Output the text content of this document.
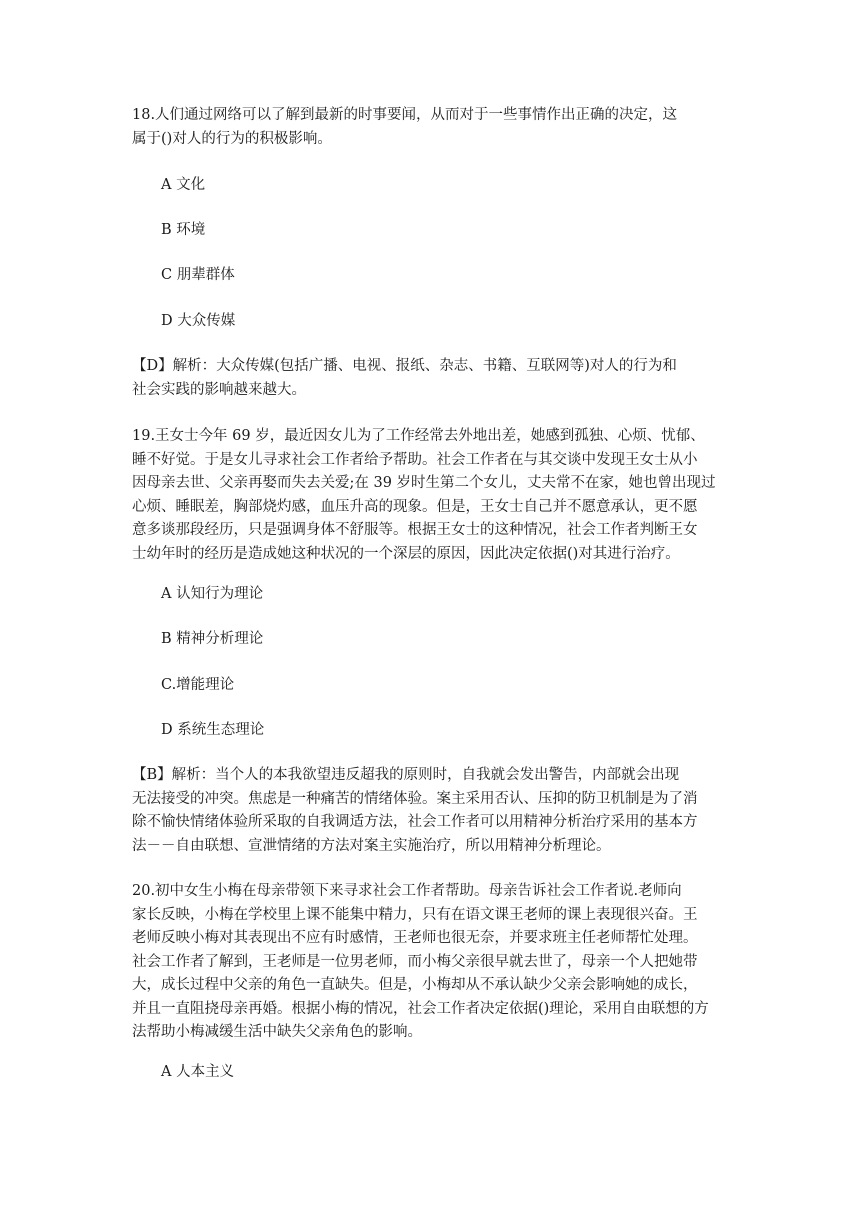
18.人们通过网络可以了解到最新的时事要闻，从而对于一些事情作出正确的决定，这
属于()对人的行为的积极影响。
A 文化
B 环境
C 朋辈群体
D 大众传媒
【D】解析：大众传媒(包括广播、电视、报纸、杂志、书籍、互联网等)对人的行为和
社会实践的影响越来越大。
19.王女士今年 69 岁，最近因女儿为了工作经常去外地出差，她感到孤独、心烦、忧郁、
睡不好觉。于是女儿寻求社会工作者给予帮助。社会工作者在与其交谈中发现王女士从小
因母亲去世、父亲再娶而失去关爱;在 39 岁时生第二个女儿，丈夫常不在家，她也曾出现过
心烦、睡眠差，胸部烧灼感，血压升高的现象。但是，王女士自己并不愿意承认，更不愿
意多谈那段经历，只是强调身体不舒服等。根据王女士的这种情况，社会工作者判断王女
士幼年时的经历是造成她这种状况的一个深层的原因，因此决定依据()对其进行治疗。
A 认知行为理论
B 精神分析理论
C.增能理论
D 系统生态理论
【B】解析：当个人的本我欲望违反超我的原则时，自我就会发出警告，内部就会出现
无法接受的冲突。焦虑是一种痛苦的情绪体验。案主采用否认、压抑的防卫机制是为了消
除不愉快情绪体验所采取的自我调适方法，社会工作者可以用精神分析治疗采用的基本方
法－－自由联想、宣泄情绪的方法对案主实施治疗，所以用精神分析理论。
20.初中女生小梅在母亲带领下来寻求社会工作者帮助。母亲告诉社会工作者说.老师向
家长反映，小梅在学校里上课不能集中精力，只有在语文课王老师的课上表现很兴奋。王
老师反映小梅对其表现出不应有时感情，王老师也很无奈，并要求班主任老师帮忙处理。
社会工作者了解到，王老师是一位男老师，而小梅父亲很早就去世了，母亲一个人把她带
大，成长过程中父亲的角色一直缺失。但是，小梅却从不承认缺少父亲会影响她的成长，
并且一直阻挠母亲再婚。根据小梅的情况，社会工作者决定依据()理论，采用自由联想的方
法帮助小梅减缓生活中缺失父亲角色的影响。
A 人本主义
